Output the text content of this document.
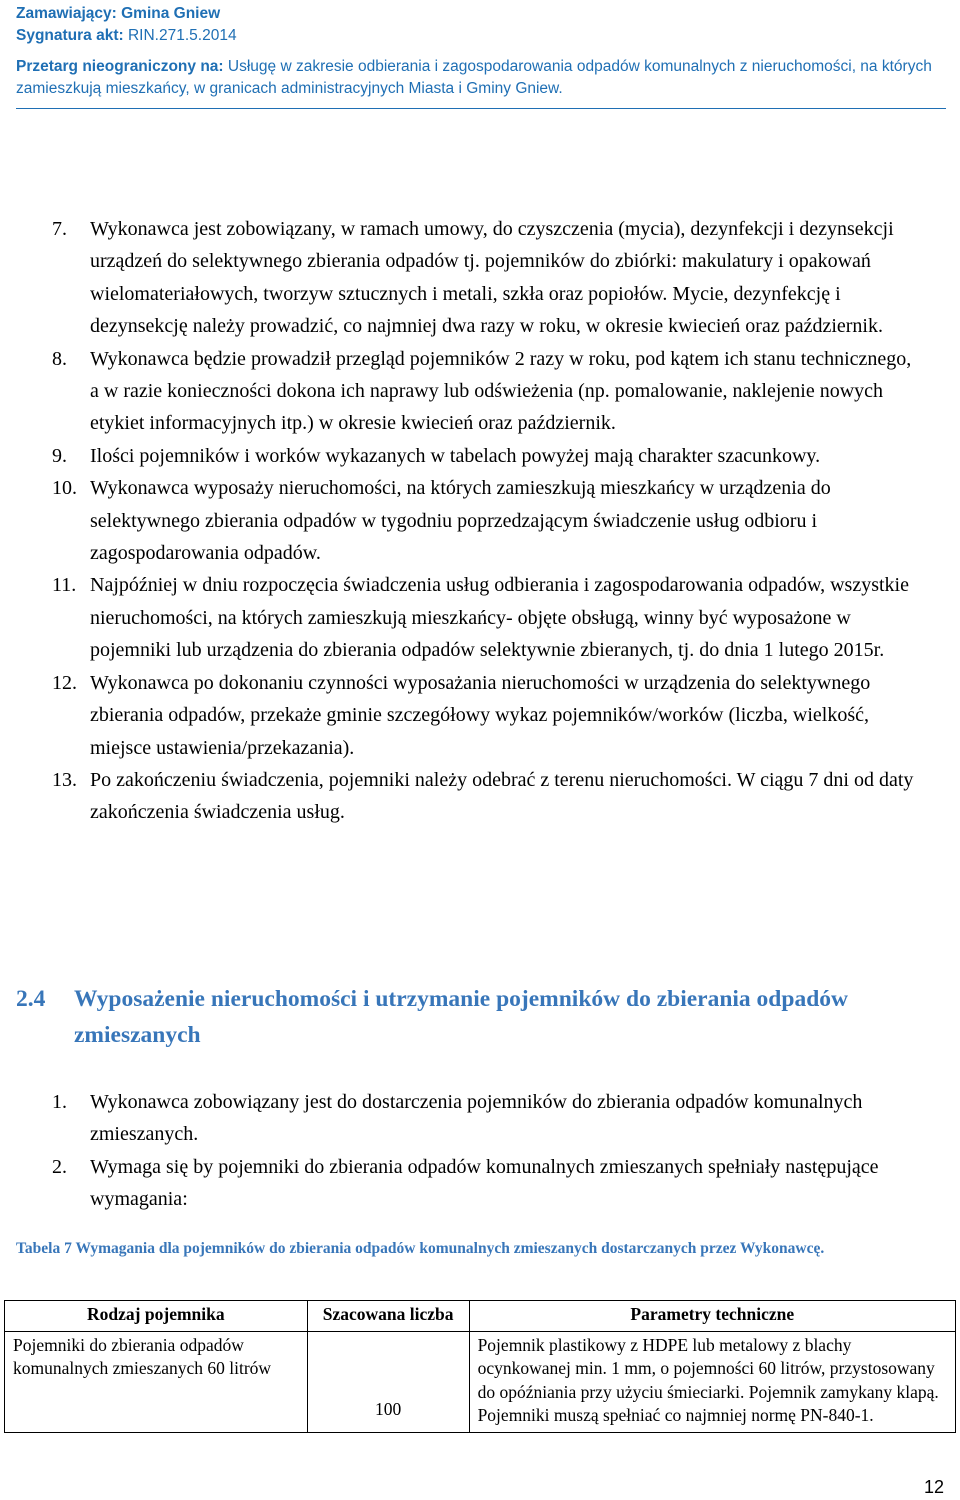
Zamawiający: Gmina Gniew
Sygnatura akt: RIN.271.5.2014
Przetarg nieograniczony na: Usługę w zakresie odbierania i zagospodarowania odpadów komunalnych z nieruchomości, na których zamieszkują mieszkańcy, w granicach administracyjnych Miasta i Gminy Gniew.
7. Wykonawca jest zobowiązany, w ramach umowy, do czyszczenia (mycia), dezynfekcji i dezynsekcji urządzeń do selektywnego zbierania odpadów tj. pojemników do zbiórki: makulatury i opakowań wielomateriałowych, tworzyw sztucznych i metali, szkła oraz popiołów. Mycie, dezynfekcję i dezynsekcję należy prowadzić, co najmniej dwa razy w roku, w okresie kwiecień oraz październik.
8. Wykonawca będzie prowadził przegląd pojemników 2 razy w roku, pod kątem ich stanu technicznego, a w razie konieczności dokona ich naprawy lub odświeżenia (np. pomalowanie, naklejenie nowych etykiet informacyjnych itp.) w okresie kwiecień oraz październik.
9. Ilości pojemników i worków wykazanych w tabelach powyżej mają charakter szacunkowy.
10. Wykonawca wyposaży nieruchomości, na których zamieszkują mieszkańcy w urządzenia do selektywnego zbierania odpadów w tygodniu poprzedzającym świadczenie usług odbioru i zagospodarowania odpadów.
11. Najpóźniej w dniu rozpoczęcia świadczenia usług odbierania i zagospodarowania odpadów, wszystkie nieruchomości, na których zamieszkują mieszkańcy- objęte obsługą, winny być wyposażone w pojemniki lub urządzenia do zbierania odpadów selektywnie zbieranych, tj. do dnia 1 lutego 2015r.
12. Wykonawca po dokonaniu czynności wyposażania nieruchomości w urządzenia do selektywnego zbierania odpadów, przekaże gminie szczegółowy wykaz pojemników/worków (liczba, wielkość, miejsce ustawienia/przekazania).
13. Po zakończeniu świadczenia, pojemniki należy odebrać z terenu nieruchomości. W ciągu 7 dni od daty zakończenia świadczenia usług.
2.4	Wyposażenie nieruchomości i utrzymanie pojemników do zbierania odpadów zmieszanych
1. Wykonawca zobowiązany jest do dostarczenia pojemników do zbierania odpadów komunalnych zmieszanych.
2. Wymaga się by pojemniki do zbierania odpadów komunalnych zmieszanych spełniały następujące wymagania:
Tabela 7 Wymagania dla pojemników do zbierania odpadów komunalnych zmieszanych dostarczanych przez Wykonawcę.
Rodzaj pojemnika	Szacowana liczba	Parametry techniczne
Pojemniki do zbierania odpadów komunalnych zmieszanych 60 litrów	100	Pojemnik plastikowy z HDPE lub metalowy z blachy ocynkowanej min. 1 mm, o pojemności 60 litrów, przystosowany do opóźniania przy użyciu śmieciarki. Pojemnik zamykany klapą. Pojemniki muszą spełniać co najmniej normę PN-840-1.
12
